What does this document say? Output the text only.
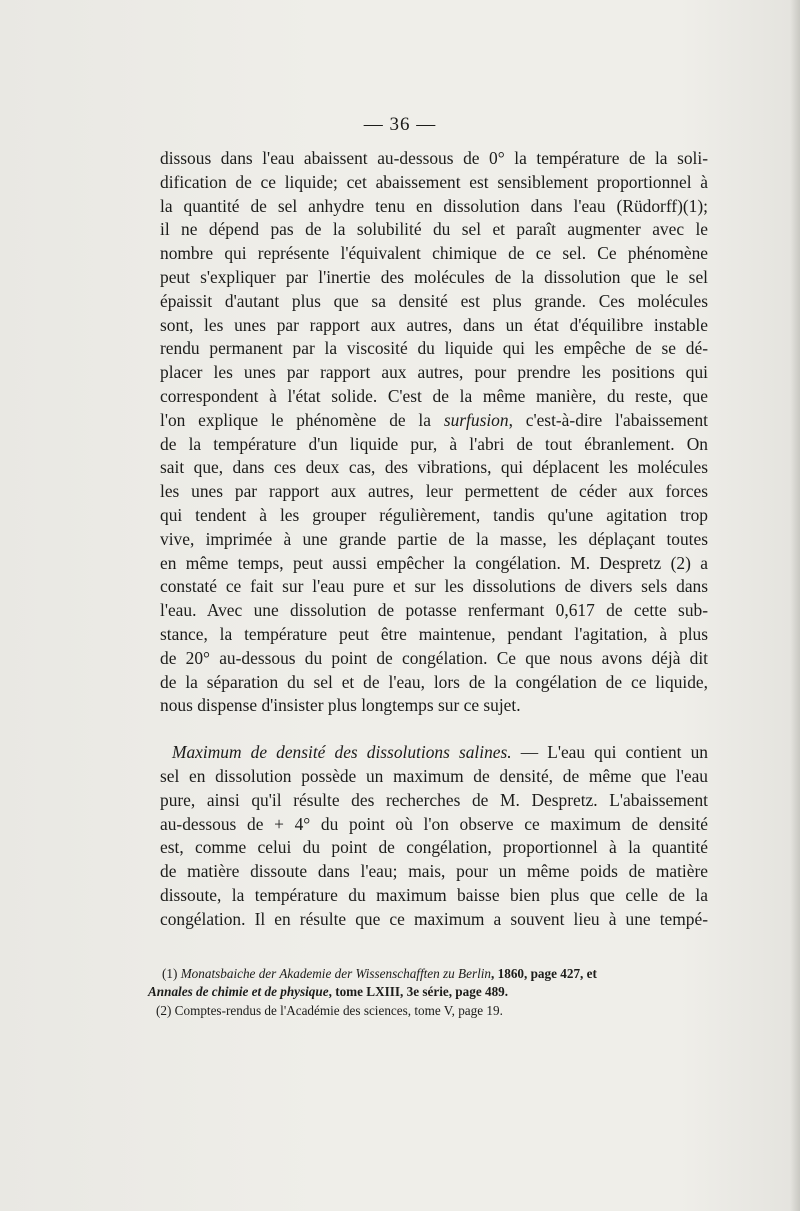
— 36 —
dissous dans l'eau abaissent au-dessous de 0° la température de la soli-
dification de ce liquide; cet abaissement est sensiblement proportionnel à
la quantité de sel anhydre tenu en dissolution dans l'eau (Rüdorff)(1);
il ne dépend pas de la solubilité du sel et paraît augmenter avec le
nombre qui représente l'équivalent chimique de ce sel. Ce phénomène
peut s'expliquer par l'inertie des molécules de la dissolution que le sel
épaissit d'autant plus que sa densité est plus grande. Ces molécules
sont, les unes par rapport aux autres, dans un état d'équilibre instable
rendu permanent par la viscosité du liquide qui les empêche de se dé-
placer les unes par rapport aux autres, pour prendre les positions qui
correspondent à l'état solide. C'est de la même manière, du reste, que
l'on explique le phénomène de la surfusion, c'est-à-dire l'abaissement
de la température d'un liquide pur, à l'abri de tout ébranlement. On
sait que, dans ces deux cas, des vibrations, qui déplacent les molécules
les unes par rapport aux autres, leur permettent de céder aux forces
qui tendent à les grouper régulièrement, tandis qu'une agitation trop
vive, imprimée à une grande partie de la masse, les déplaçant toutes
en même temps, peut aussi empêcher la congélation. M. Despretz (2) a
constaté ce fait sur l'eau pure et sur les dissolutions de divers sels dans
l'eau. Avec une dissolution de potasse renfermant 0,617 de cette sub-
stance, la température peut être maintenue, pendant l'agitation, à plus
de 20° au-dessous du point de congélation. Ce que nous avons déjà dit
de la séparation du sel et de l'eau, lors de la congélation de ce liquide,
nous dispense d'insister plus longtemps sur ce sujet.
Maximum de densité des dissolutions salines. — L'eau qui contient un
sel en dissolution possède un maximum de densité, de même que l'eau
pure, ainsi qu'il résulte des recherches de M. Despretz. L'abaissement
au-dessous de + 4° du point où l'on observe ce maximum de densité
est, comme celui du point de congélation, proportionnel à la quantité
de matière dissoute dans l'eau; mais, pour un même poids de matière
dissoute, la température du maximum baisse bien plus que celle de la
congélation. Il en résulte que ce maximum a souvent lieu à une tempé-
(1) Monatsbaiche der Akademie der Wissenschafften zu Berlin, 1860, page 427, et
Annales de chimie et de physique, tome LXIII, 3e série, page 489.
(2) Comptes-rendus de l'Académie des sciences, tome V, page 19.
